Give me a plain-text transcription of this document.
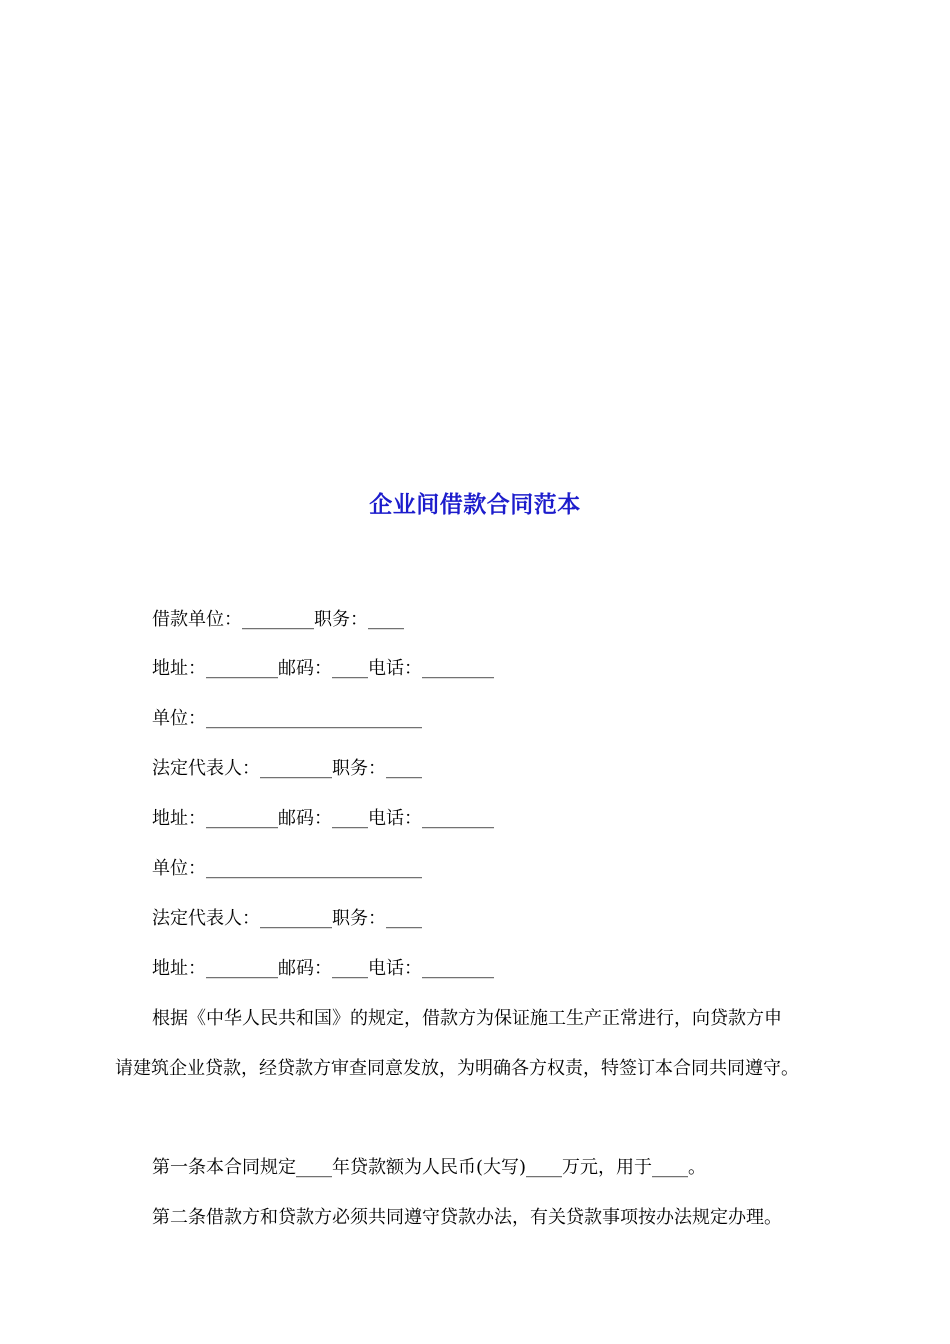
企业间借款合同范本
借款单位：________职务：____
地址：________邮码：____电话：________
单位：________________________
法定代表人：________职务：____
地址：________邮码：____电话：________
单位：________________________
法定代表人：________职务：____
地址：________邮码：____电话：________
根据《中华人民共和国》的规定，借款方为保证施工生产正常进行，向贷款方申
请建筑企业贷款，经贷款方审查同意发放，为明确各方权责，特签订本合同共同遵守。
第一条本合同规定____年贷款额为人民币(大写)____万元，用于____。
第二条借款方和贷款方必须共同遵守贷款办法，有关贷款事项按办法规定办理。
